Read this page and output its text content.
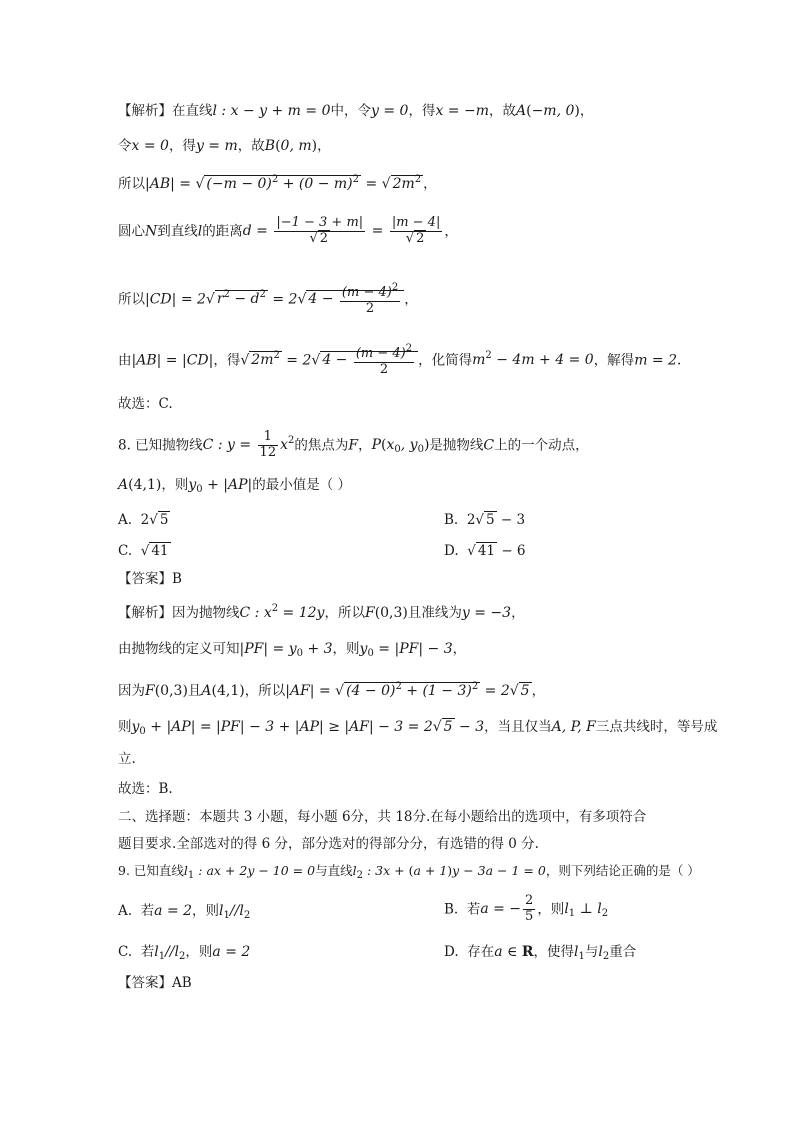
【解析】在直线l : x − y + m = 0中，令y = 0，得x = −m，故A(−m, 0)，
令x = 0，得y = m，故B(0, m)，
所以|AB| = √ $(-m - 0)^2 + (0 - m)^2$ = √ $2m^2$ ，
圆心N到直线l的距离$d = \frac{|-1 - 3 + m|}{√ 2} = \frac{|m - 4|}{√ 2}$ ，
所以|CD| = 2√ $r^2 - d^2 = 2√$ $4 - \frac{(m - 4)^2}{2}$ ，
由|AB| = |CD|，得√ $2m^2 = 2√$ $4 - \frac{(m - 4)^2}{2}$ ，化简得$m^2 - 4m + 4 = 0$，解得m = 2.
故选：C.
8. 已知抛物线C : $y = \frac{1}{12} x^2$的焦点为F，$P(x_0$, $y_0$)是抛物线C上的一个动点，
A(4,1)，则$y_0 + |AP|$的最小值是（ ）
A. 2√ 5	B. 2√ 5 − 3
C. √ 41	D. √ 41 − 6
【答案】B
【解析】因为抛物线C : $x^2 = 12y$，所以F(0,3)且准线为y = −3，
由抛物线的定义可知$|PF| = y_0 + 3$，则$y_0 = |PF| - 3$，
因为F(0,3)且A(4,1)，所以|AF| = √ $(4 - 0)^2 + (1 - 3)^2 = 2√$ 5 ，
则$y_0 + |AP| = |PF| - 3 + |AP| \ge |AF| - 3 = 2√$ 5 − 3，当且仅当A, P, F三点共线时，等号成
立.
故选：B.
二、选择题：本题共 3 小题，每小题 6分，共 18分.在每小题给出的选项中，有多项符合
题目要求.全部选对的得 6 分，部分选对的得部分分，有选错的得 0 分.
9. 已知直线$l_1$ : ax + 2y − 10 = 0与直线$l_2$ : 3x + (a + 1)y − 3a − 1 = 0，则下列结论正确的是（ ）
A. 若a = 2，则$l_1//l_2$	B. 若a = − $\frac{2}{5}$ ，则$l_1$ ⊥ $l_2$
C. 若$l_1//l_2$，则a = 2	D. 存在a ∈ R，使得$l_1$与$l_2$重合
【答案】AB
